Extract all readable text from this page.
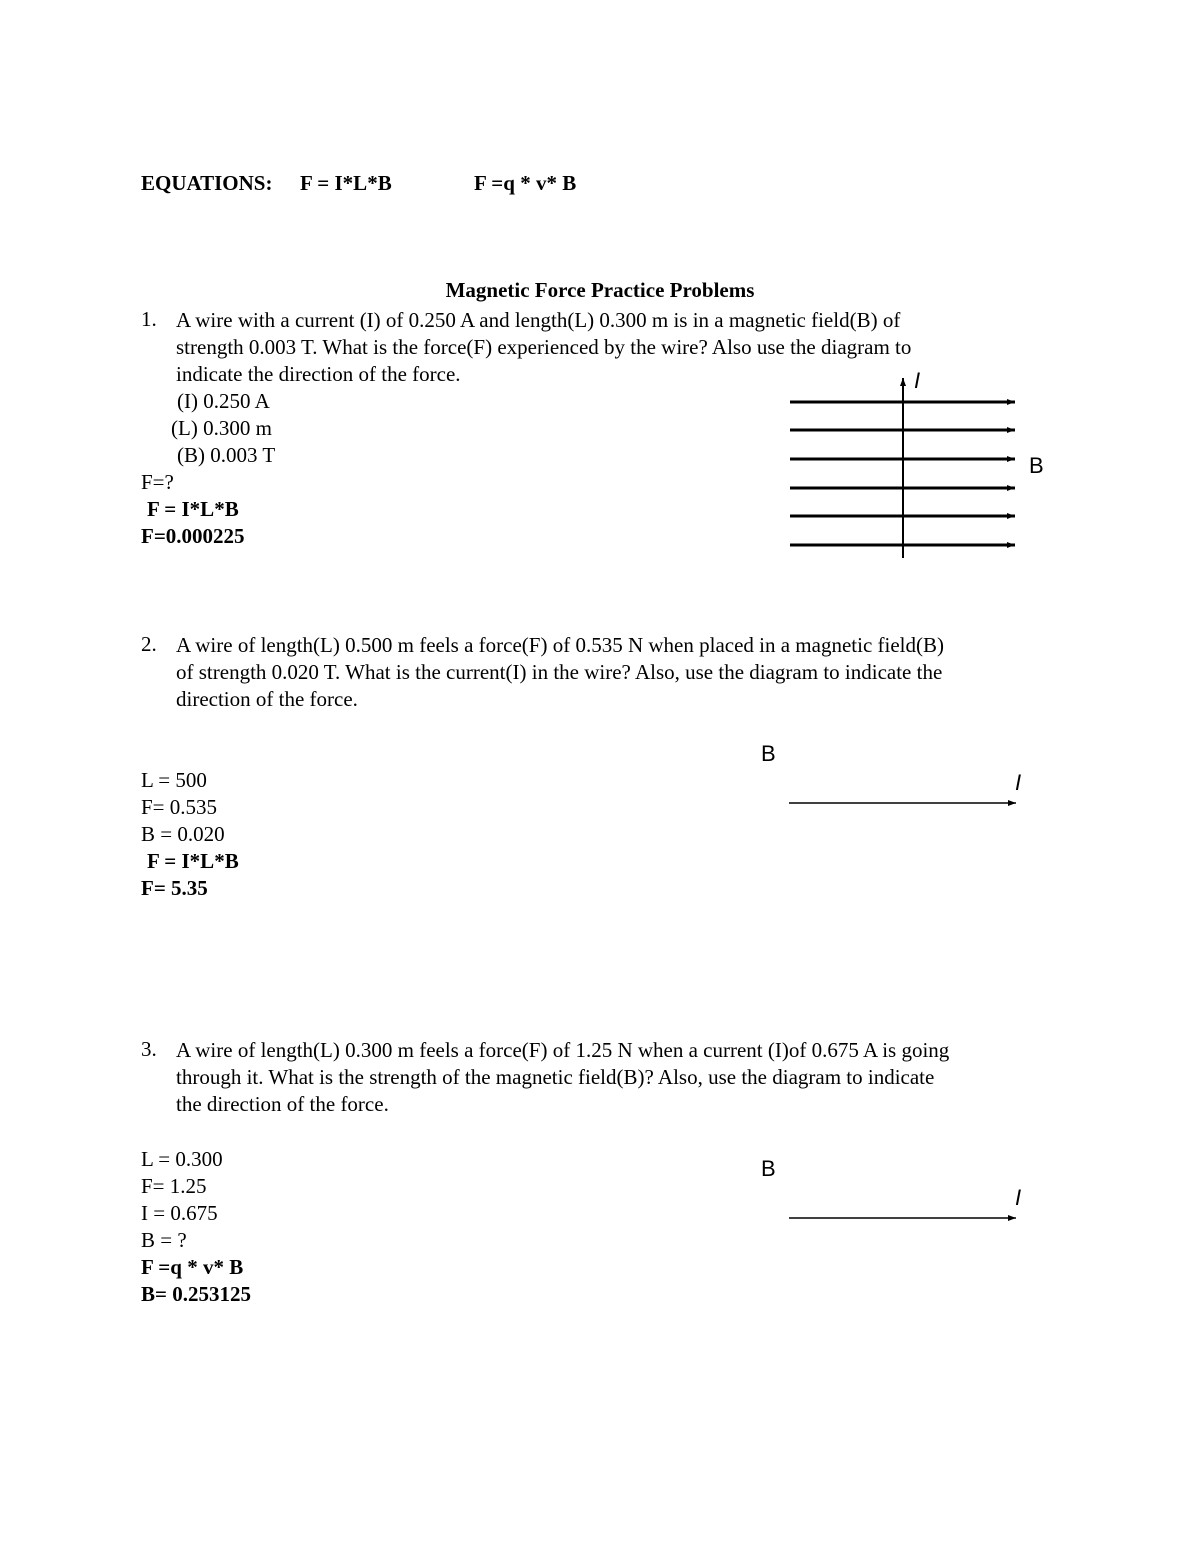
EQUATIONS: F = I*L*B	F =q * v* B
Magnetic Force Practice Problems
1. A wire with a current (I) of 0.250 A and length(L) 0.300 m is in a magnetic field(B) of
strength 0.003 T. What is the force(F) experienced by the wire? Also use the diagram to
indicate the direction of the force.
(I) 0.250 A
(L) 0.300 m
(B) 0.003 T
F=?
F = I*L*B
F=0.000225
I
B
2. A wire of length(L) 0.500 m feels a force(F) of 0.535 N when placed in a magnetic field(B)
of strength 0.020 T. What is the current(I) in the wire? Also, use the diagram to indicate the
direction of the force.
L = 500
F= 0.535
B = 0.020
F = I*L*B
F= 5.35
B
I
3. A wire of length(L) 0.300 m feels a force(F) of 1.25 N when a current (I)of 0.675 A is going
through it. What is the strength of the magnetic field(B)? Also, use the diagram to indicate
the direction of the force.
L = 0.300
F= 1.25
I = 0.675
B = ?
F =q * v* B
B= 0.253125
B
I
